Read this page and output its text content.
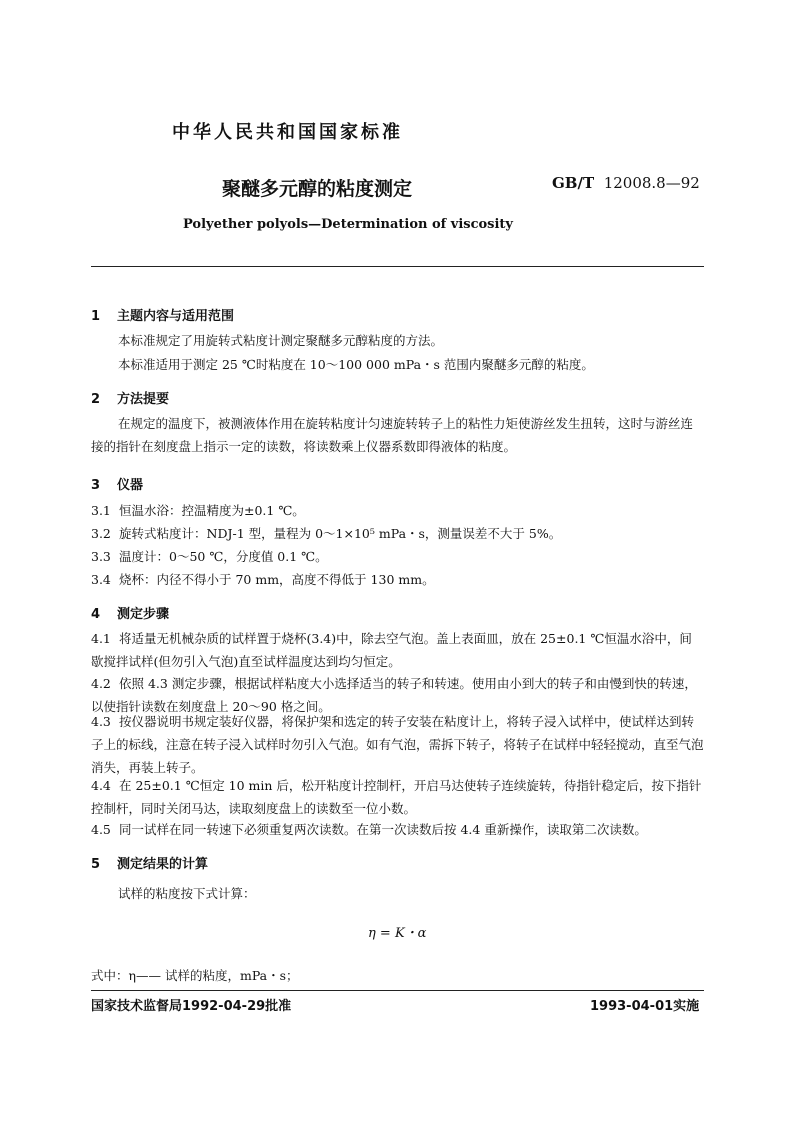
中华人民共和国国家标准
聚醚多元醇的粘度测定	GB/T 12008.8—92
Polyether polyols—Determination of viscosity
1 主题内容与适用范围
本标准规定了用旋转式粘度计测定聚醚多元醇粘度的方法。
本标准适用于测定 25 ℃时粘度在 10～100 000 mPa・s 范围内聚醚多元醇的粘度。
2 方法提要
在规定的温度下，被测液体作用在旋转粘度计匀速旋转转子上的粘性力矩使游丝发生扭转，这时与游丝连接的指针在刻度盘上指示一定的读数，将读数乘上仪器系数即得液体的粘度。
3 仪器
3.1 恒温水浴：控温精度为±0.1 ℃。
3.2 旋转式粘度计：NDJ-1 型，量程为 0～1×10⁵ mPa・s，测量误差不大于 5%。
3.3 温度计：0～50 ℃，分度值 0.1 ℃。
3.4 烧杯：内径不得小于 70 mm，高度不得低于 130 mm。
4 测定步骤
4.1 将适量无机械杂质的试样置于烧杯(3.4)中，除去空气泡。盖上表面皿，放在 25±0.1 ℃恒温水浴中，间歇搅拌试样(但勿引入气泡)直至试样温度达到均匀恒定。
4.2 依照 4.3 测定步骤，根据试样粘度大小选择适当的转子和转速。使用由小到大的转子和由慢到快的转速，以使指针读数在刻度盘上 20～90 格之间。
4.3 按仪器说明书规定装好仪器，将保护架和选定的转子安装在粘度计上，将转子浸入试样中，使试样达到转子上的标线，注意在转子浸入试样时勿引入气泡。如有气泡，需拆下转子，将转子在试样中轻轻搅动，直至气泡消失，再装上转子。
4.4 在 25±0.1 ℃恒定 10 min 后，松开粘度计控制杆，开启马达使转子连续旋转，待指针稳定后，按下指针控制杆，同时关闭马达，读取刻度盘上的读数至一位小数。
4.5 同一试样在同一转速下必须重复两次读数。在第一次读数后按 4.4 重新操作，读取第二次读数。
5 测定结果的计算
试样的粘度按下式计算：
η = K・α
式中：η—— 试样的粘度，mPa・s；
国家技术监督局1992-04-29批准	1993-04-01实施
